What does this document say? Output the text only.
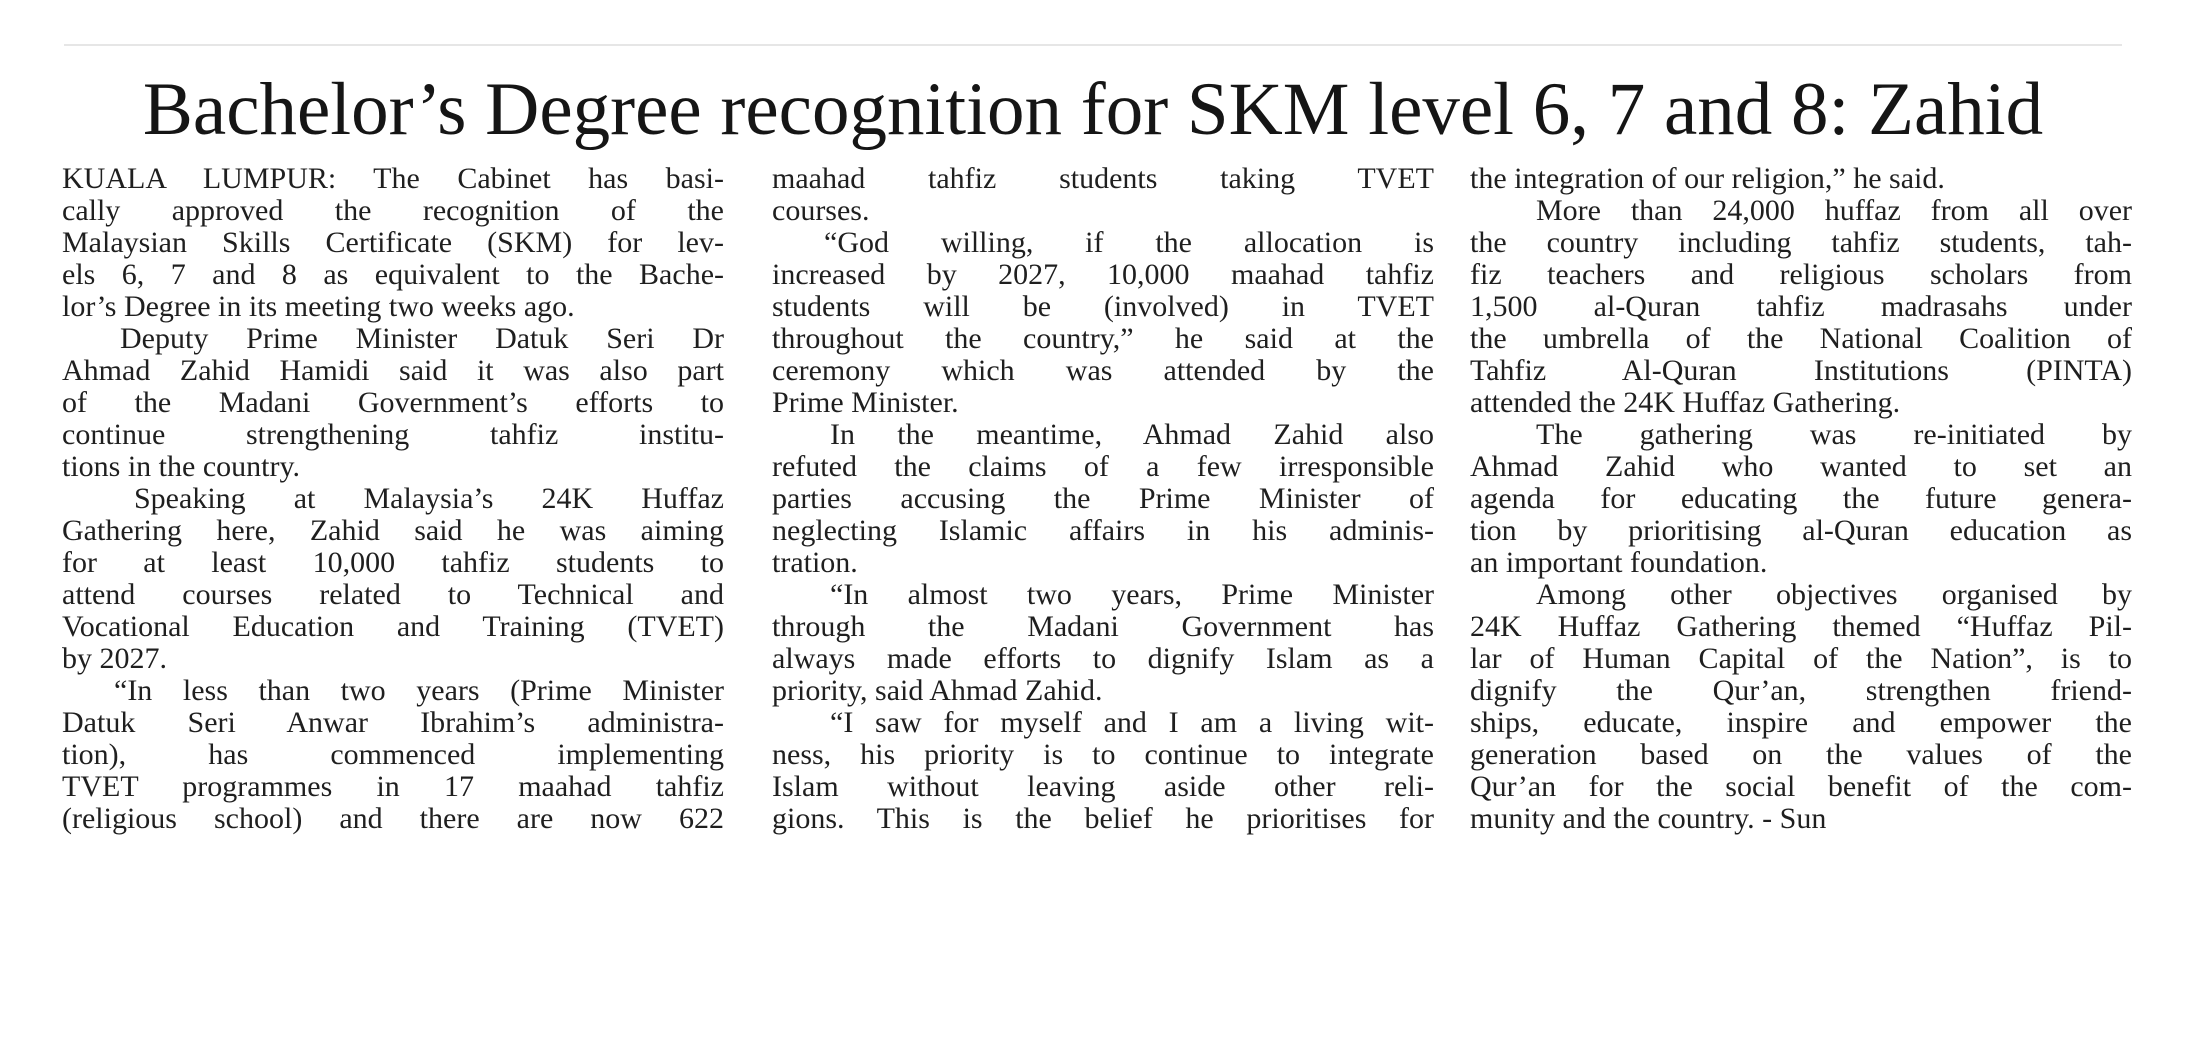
Bachelor’s Degree recognition for SKM level 6, 7 and 8: Zahid
KUALA LUMPUR: The Cabinet has basi-
cally approved the recognition of the
Malaysian Skills Certificate (SKM) for lev-
els 6, 7 and 8 as equivalent to the Bache-
lor’s Degree in its meeting two weeks ago.
Deputy Prime Minister Datuk Seri Dr
Ahmad Zahid Hamidi said it was also part
of the Madani Government’s efforts to
continue strengthening tahfiz institu-
tions in the country.
Speaking at Malaysia’s 24K Huffaz
Gathering here, Zahid said he was aiming
for at least 10,000 tahfiz students to
attend courses related to Technical and
Vocational Education and Training (TVET)
by 2027.
“In less than two years (Prime Minister
Datuk Seri Anwar Ibrahim’s administra-
tion), has commenced implementing
TVET programmes in 17 maahad tahfiz
(religious school) and there are now 622
maahad tahfiz students taking TVET
courses.
“God willing, if the allocation is
increased by 2027, 10,000 maahad tahfiz
students will be (involved) in TVET
throughout the country,” he said at the
ceremony which was attended by the
Prime Minister.
In the meantime, Ahmad Zahid also
refuted the claims of a few irresponsible
parties accusing the Prime Minister of
neglecting Islamic affairs in his adminis-
tration.
“In almost two years, Prime Minister
through the Madani Government has
always made efforts to dignify Islam as a
priority, said Ahmad Zahid.
“I saw for myself and I am a living wit-
ness, his priority is to continue to integrate
Islam without leaving aside other reli-
gions. This is the belief he prioritises for
the integration of our religion,” he said.
More than 24,000 huffaz from all over
the country including tahfiz students, tah-
fiz teachers and religious scholars from
1,500 al-Quran tahfiz madrasahs under
the umbrella of the National Coalition of
Tahfiz Al-Quran Institutions (PINTA)
attended the 24K Huffaz Gathering.
The gathering was re-initiated by
Ahmad Zahid who wanted to set an
agenda for educating the future genera-
tion by prioritising al-Quran education as
an important foundation.
Among other objectives organised by
24K Huffaz Gathering themed “Huffaz Pil-
lar of Human Capital of the Nation”, is to
dignify the Qur’an, strengthen friend-
ships, educate, inspire and empower the
generation based on the values of the
Qur’an for the social benefit of the com-
munity and the country. - Sun
